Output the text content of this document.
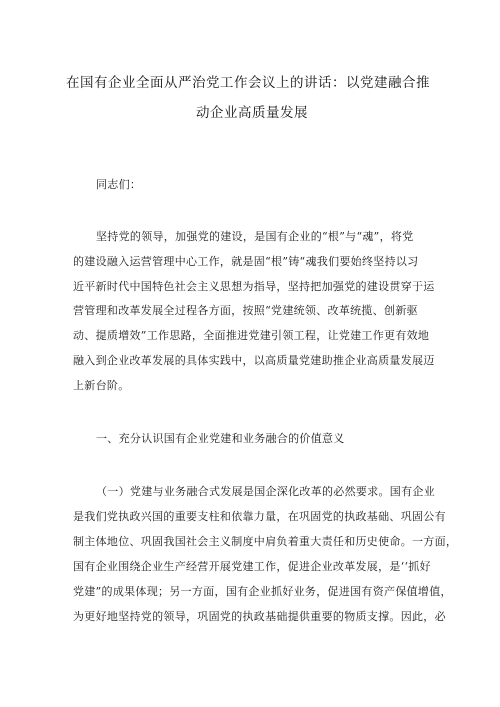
在国有企业全面从严治党工作会议上的讲话：以党建融合推
动企业高质量发展
同志们：
坚持党的领导，加强党的建设，是国有企业的“根”与“魂”，将党
的建设融入运营管理中心工作，就是固“根”铸“魂我们要始终坚持以习
近平新时代中国特色社会主义思想为指导，坚持把加强党的建设贯穿于运
营管理和改革发展全过程各方面，按照“党建统领、改革统揽、创新驱
动、提质增效”工作思路，全面推进党建引领工程，让党建工作更有效地
融入到企业改革发展的具体实践中，以高质量党建助推企业高质量发展迈
上新台阶。
一、充分认识国有企业党建和业务融合的价值意义
（一）党建与业务融合式发展是国企深化改革的必然要求。国有企业
是我们党执政兴国的重要支柱和依靠力量，在巩固党的执政基础、巩固公有
制主体地位、巩固我国社会主义制度中肩负着重大责任和历史使命。一方面，
国有企业围绕企业生产经营开展党建工作，促进企业改革发展，是‘‘抓好
党建”的成果体现；另一方面，国有企业抓好业务，促进国有资产保值增值，
为更好地坚持党的领导，巩固党的执政基础提供重要的物质支撑。因此，必
